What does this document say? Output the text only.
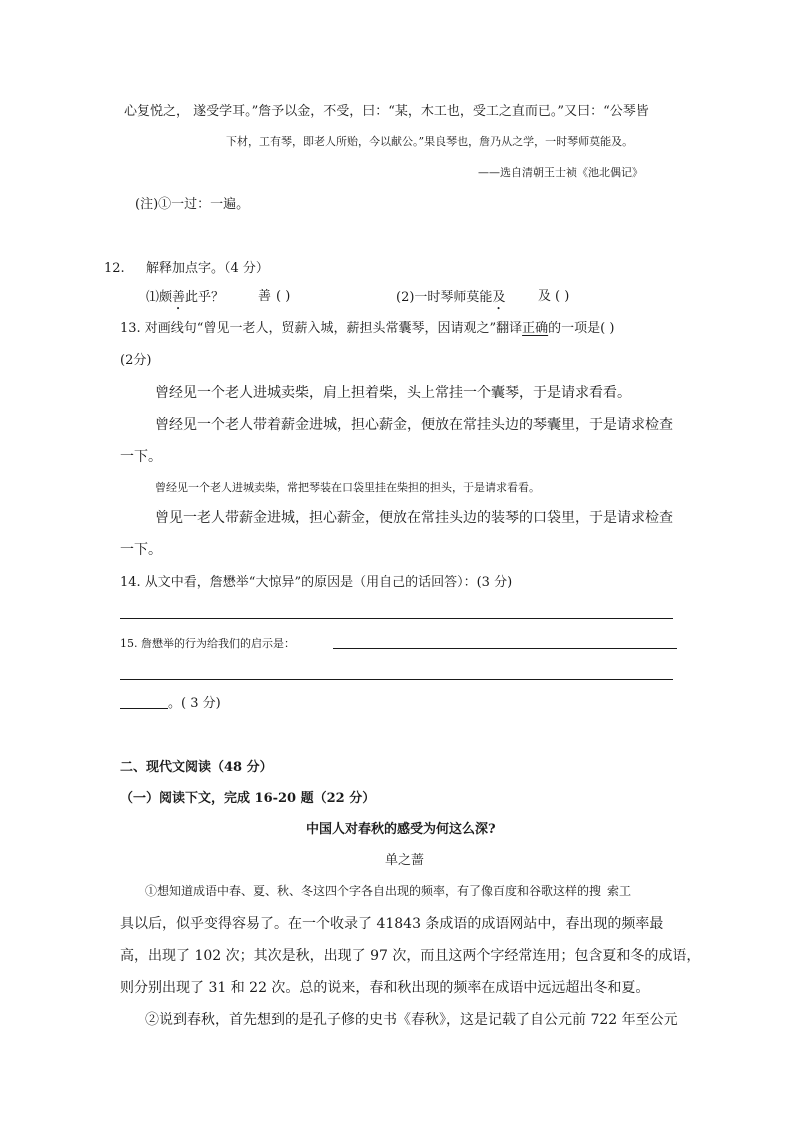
心复悦之， 遂受学耳。”詹予以金，不受，曰：“某，木工也，受工之直而已。”又曰：“公琴皆
下材，工有琴，即老人所贻，今以献公。”果良琴也，詹乃从之学，一时琴师莫能及。
——选自清朝王士祯《池北偶记》
(注)①一过：一遍。
12. 解释加点字。（4 分）
⑴颇善此乎？	善 ( )	(2)一时琴师莫能及	及 ( )
13. 对画线句“曾见一老人，贸薪入城，薪担头常囊琴，因请观之”翻译正确的一项是( )
(2分)
曾经见一个老人进城卖柴，肩上担着柴，头上常挂一个囊琴，于是请求看看。
曾经见一个老人带着薪金进城，担心薪金，便放在常挂头边的琴囊里，于是请求检查
一下。
曾经见一个老人进城卖柴，常把琴装在口袋里挂在柴担的担头，于是请求看看。
曾见一老人带薪金进城，担心薪金，便放在常挂头边的装琴的口袋里，于是请求检查
一下。
14. 从文中看，詹懋举“大惊异”的原因是（用自己的话回答）：(3 分)
15. 詹懋举的行为给我们的启示是：
。( 3 分)
二、现代文阅读（48 分）
（一）阅读下文，完成 16-20 题（22 分）
中国人对春秋的感受为何这么深?
单之蔷
①想知道成语中春、夏、秋、冬这四个字各自出现的频率，有了像百度和谷歌这样的搜 索工
具以后，似乎变得容易了。在一个收录了 41843 条成语的成语网站中，春出现的频率最
高，出现了 102 次；其次是秋，出现了 97 次，而且这两个字经常连用；包含夏和冬的成语，
则分别出现了 31 和 22 次。总的说来，春和秋出现的频率在成语中远远超出冬和夏。
②说到春秋，首先想到的是孔子修的史书《春秋》，这是记载了自公元前 722 年至公元
